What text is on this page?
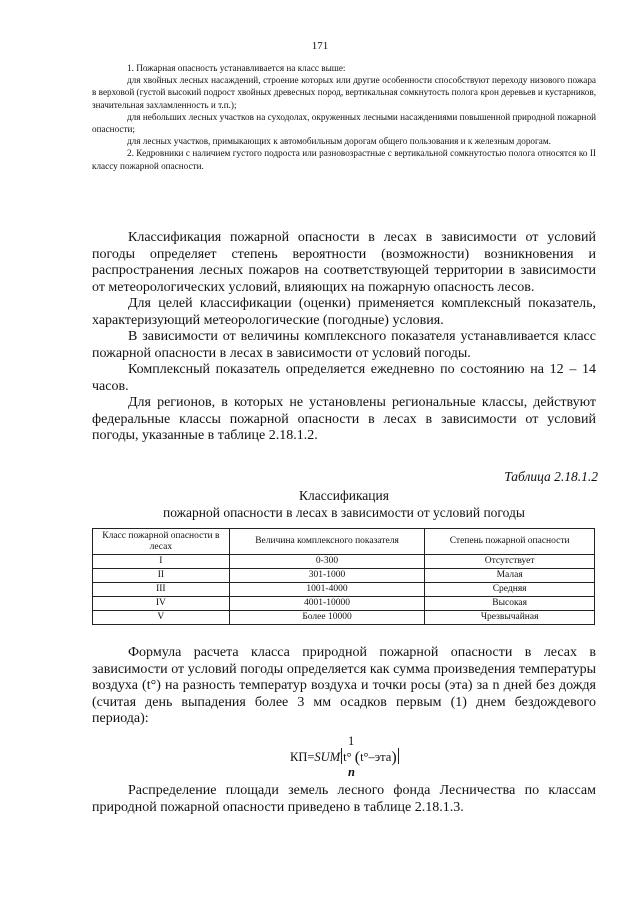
171

1. Пожарная опасность устанавливается на класс выше:

для хвойных лесных насаждений, строение которых или другие особенности способствуют переходу низового пожара в верховой (густой высокий подрост хвойных древесных пород, вертикальная сомкнутость полога крон деревьев и кустарников, значительная захламленность и т.п.);

для небольших лесных участков на суходолах, окруженных лесными насаждениями повышенной природной пожарной опасности;

для лесных участков, примыкающих к автомобильным дорогам общего пользования и к железным дорогам.

2. Кедровники с наличием густого подроста или разновозрастные с вертикальной сомкнутостью полога относятся ко II классу пожарной опасности.

Классификация пожарной опасности в лесах в зависимости от условий погоды определяет степень вероятности (возможности) возникновения и распространения лесных пожаров на соответствующей территории в зависимости от метеорологических условий, влияющих на пожарную опасность лесов.

Для целей классификации (оценки) применяется комплексный показатель, характеризующий метеорологические (погодные) условия.

В зависимости от величины комплексного показателя устанавливается класс пожарной опасности в лесах в зависимости от условий погоды.

Комплексный показатель определяется ежедневно по состоянию на 12 – 14 часов.

Для регионов, в которых не установлены региональные классы, действуют федеральные классы пожарной опасности в лесах в зависимости от условий погоды, указанные в таблице 2.18.1.2.

Таблица 2.18.1.2
Классификация
пожарной опасности в лесах в зависимости от условий погоды
Класс пожарной опасности в лесах	Величина комплексного показателя	Степень пожарной опасности
I	0-300	Отсутствует
II	301-1000	Малая
III	1001-4000	Средняя
IV	4001-10000	Высокая
V	Более 10000	Чрезвычайная

Формула расчета класса природной пожарной опасности в лесах в зависимости от условий погоды определяется как сумма произведения температуры воздуха (t°) на разность температур воздуха и точки росы (эта) за n дней без дождя (считая день выпадения более 3 мм осадков первым (1) днем бездождевого периода):

1
КП=SUM t° (t°–эта)
n

Распределение площади земель лесного фонда Лесничества по классам природной пожарной опасности приведено в таблице 2.18.1.3.
